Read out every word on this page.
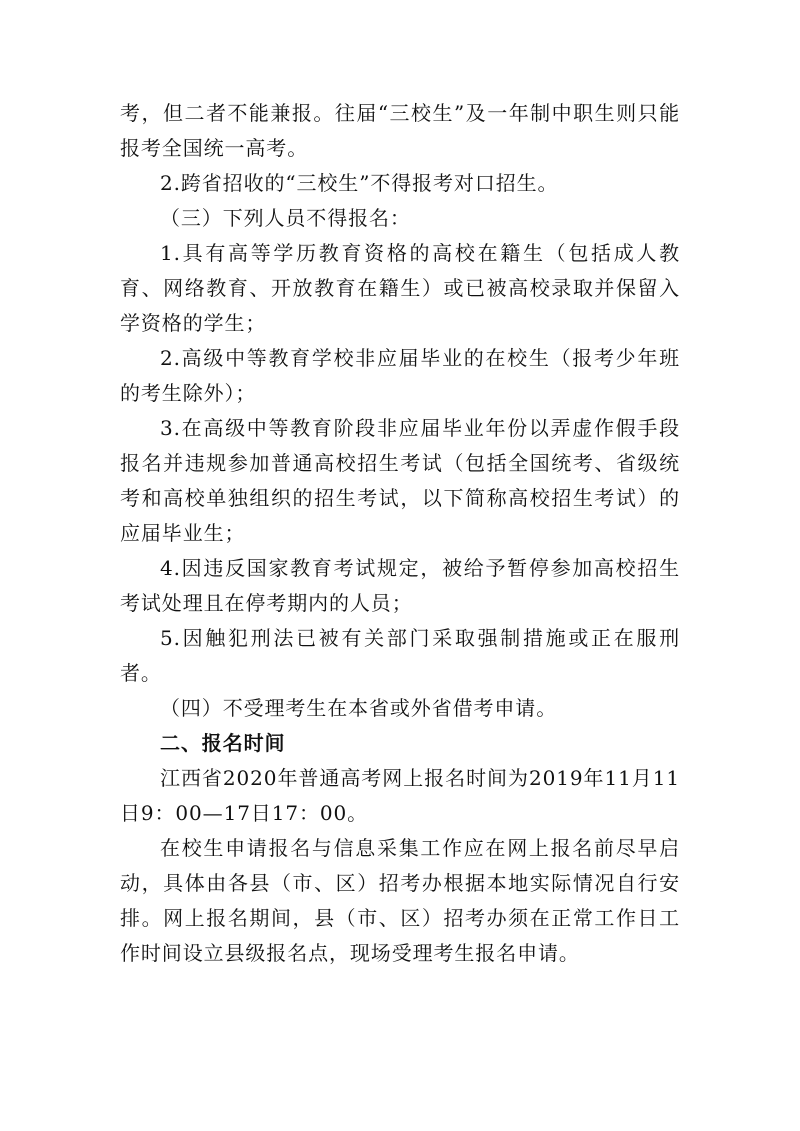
考，但二者不能兼报。往届“三校生”及一年制中职生则只能报考全国统一高考。

2.跨省招收的“三校生”不得报考对口招生。

（三）下列人员不得报名：

1.具有高等学历教育资格的高校在籍生（包括成人教育、网络教育、开放教育在籍生）或已被高校录取并保留入学资格的学生；

2.高级中等教育学校非应届毕业的在校生（报考少年班的考生除外）；

3.在高级中等教育阶段非应届毕业年份以弄虚作假手段报名并违规参加普通高校招生考试（包括全国统考、省级统考和高校单独组织的招生考试，以下简称高校招生考试）的应届毕业生；

4.因违反国家教育考试规定，被给予暂停参加高校招生考试处理且在停考期内的人员；

5.因触犯刑法已被有关部门采取强制措施或正在服刑者。

（四）不受理考生在本省或外省借考申请。

二、报名时间

江西省2020年普通高考网上报名时间为2019年11月11日9：00—17日17：00。

在校生申请报名与信息采集工作应在网上报名前尽早启动，具体由各县（市、区）招考办根据本地实际情况自行安排。网上报名期间，县（市、区）招考办须在正常工作日工作时间设立县级报名点，现场受理考生报名申请。
